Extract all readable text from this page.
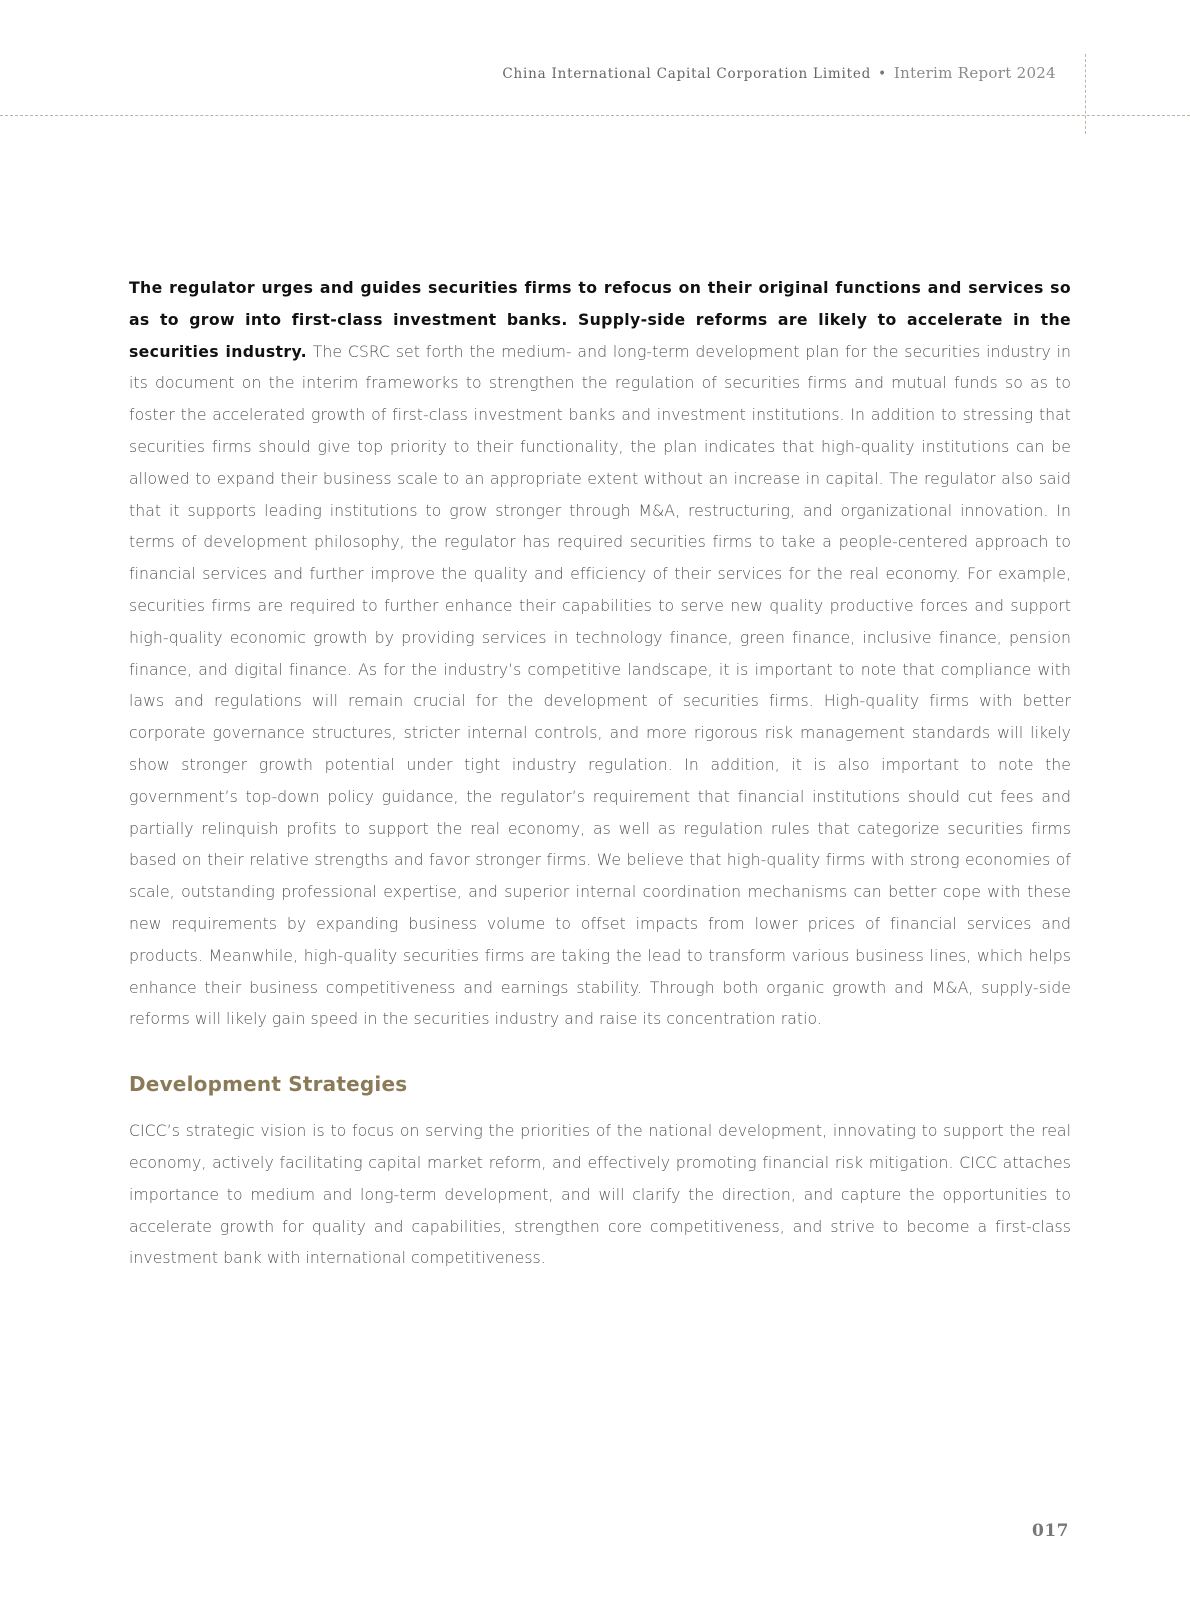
China International Capital Corporation Limited • Interim Report 2024

The regulator urges and guides securities firms to refocus on their original functions and services so as to grow into first-class investment banks. Supply-side reforms are likely to accelerate in the securities industry. The CSRC set forth the medium- and long-term development plan for the securities industry in its document on the interim frameworks to strengthen the regulation of securities firms and mutual funds so as to foster the accelerated growth of first-class investment banks and investment institutions. In addition to stressing that securities firms should give top priority to their functionality, the plan indicates that high-quality institutions can be allowed to expand their business scale to an appropriate extent without an increase in capital. The regulator also said that it supports leading institutions to grow stronger through M&A, restructuring, and organizational innovation. In terms of development philosophy, the regulator has required securities firms to take a people-centered approach to financial services and further improve the quality and efficiency of their services for the real economy. For example, securities firms are required to further enhance their capabilities to serve new quality productive forces and support high-quality economic growth by providing services in technology finance, green finance, inclusive finance, pension finance, and digital finance. As for the industry’s competitive landscape, it is important to note that compliance with laws and regulations will remain crucial for the development of securities firms. High-quality firms with better corporate governance structures, stricter internal controls, and more rigorous risk management standards will likely show stronger growth potential under tight industry regulation. In addition, it is also important to note the government’s top-down policy guidance, the regulator’s requirement that financial institutions should cut fees and partially relinquish profits to support the real economy, as well as regulation rules that categorize securities firms based on their relative strengths and favor stronger firms. We believe that high-quality firms with strong economies of scale, outstanding professional expertise, and superior internal coordination mechanisms can better cope with these new requirements by expanding business volume to offset impacts from lower prices of financial services and products. Meanwhile, high-quality securities firms are taking the lead to transform various business lines, which helps enhance their business competitiveness and earnings stability. Through both organic growth and M&A, supply-side reforms will likely gain speed in the securities industry and raise its concentration ratio.

Development Strategies

CICC’s strategic vision is to focus on serving the priorities of the national development, innovating to support the real economy, actively facilitating capital market reform, and effectively promoting financial risk mitigation. CICC attaches importance to medium and long-term development, and will clarify the direction, and capture the opportunities to accelerate growth for quality and capabilities, strengthen core competitiveness, and strive to become a first-class investment bank with international competitiveness.

017
